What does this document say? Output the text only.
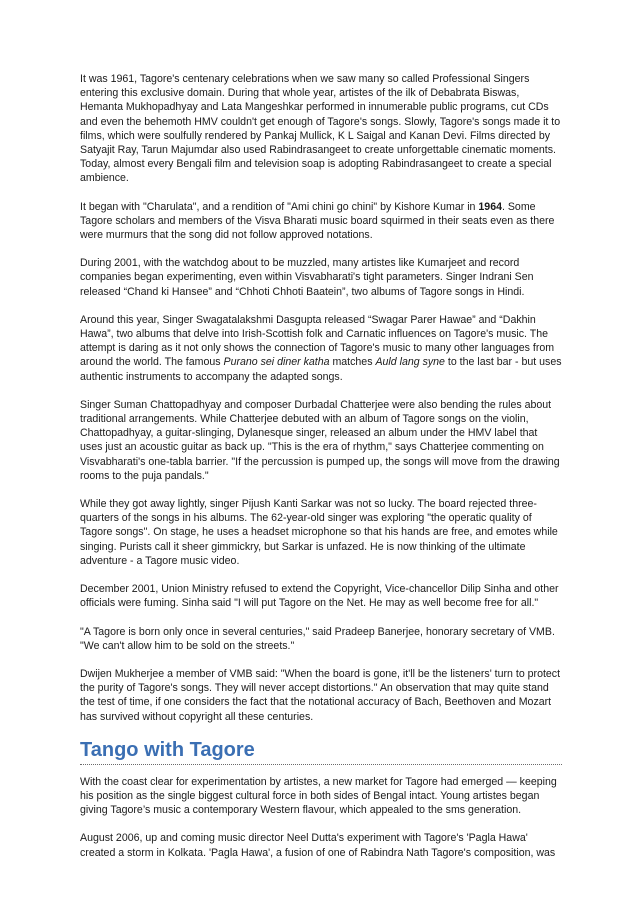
It was 1961, Tagore's centenary celebrations when we saw many so called Professional Singers entering this exclusive domain. During that whole year, artistes of the ilk of Debabrata Biswas, Hemanta Mukhopadhyay and Lata Mangeshkar performed in innumerable public programs, cut CDs and even the behemoth HMV couldn't get enough of Tagore's songs. Slowly, Tagore's songs made it to films, which were soulfully rendered by Pankaj Mullick, K L Saigal and Kanan Devi. Films directed by Satyajit Ray, Tarun Majumdar also used Rabindrasangeet to create unforgettable cinematic moments. Today, almost every Bengali film and television soap is adopting Rabindrasangeet to create a special ambience.

It began with "Charulata", and a rendition of "Ami chini go chini" by Kishore Kumar in 1964. Some Tagore scholars and members of the Visva Bharati music board squirmed in their seats even as there were murmurs that the song did not follow approved notations.

During 2001, with the watchdog about to be muzzled, many artistes like Kumarjeet and record companies began experimenting, even within Visvabharati's tight parameters. Singer Indrani Sen released “Chand ki Hansee” and “Chhoti Chhoti Baatein”, two albums of Tagore songs in Hindi.

Around this year, Singer Swagatalakshmi Dasgupta released “Swagar Parer Hawae” and “Dakhin Hawa”, two albums that delve into Irish-Scottish folk and Carnatic influences on Tagore's music. The attempt is daring as it not only shows the connection of Tagore's music to many other languages from around the world. The famous Purano sei diner katha matches Auld lang syne to the last bar - but uses authentic instruments to accompany the adapted songs.

Singer Suman Chattopadhyay and composer Durbadal Chatterjee were also bending the rules about traditional arrangements. While Chatterjee debuted with an album of Tagore songs on the violin, Chattopadhyay, a guitar-slinging, Dylanesque singer, released an album under the HMV label that uses just an acoustic guitar as back up. "This is the era of rhythm," says Chatterjee commenting on Visvabharati's one-tabla barrier. "If the percussion is pumped up, the songs will move from the drawing rooms to the puja pandals."

While they got away lightly, singer Pijush Kanti Sarkar was not so lucky. The board rejected three-quarters of the songs in his albums. The 62-year-old singer was exploring "the operatic quality of Tagore songs". On stage, he uses a headset microphone so that his hands are free, and emotes while singing. Purists call it sheer gimmickry, but Sarkar is unfazed. He is now thinking of the ultimate adventure - a Tagore music video.

December 2001, Union Ministry refused to extend the Copyright, Vice-chancellor Dilip Sinha and other officials were fuming. Sinha said "I will put Tagore on the Net. He may as well become free for all."

"A Tagore is born only once in several centuries," said Pradeep Banerjee, honorary secretary of VMB. "We can't allow him to be sold on the streets."

Dwijen Mukherjee a member of VMB said: "When the board is gone, it'll be the listeners' turn to protect the purity of Tagore's songs. They will never accept distortions." An observation that may quite stand the test of time, if one considers the fact that the notational accuracy of Bach, Beethoven and Mozart has survived without copyright all these centuries.

Tango with Tagore

With the coast clear for experimentation by artistes, a new market for Tagore had emerged — keeping his position as the single biggest cultural force in both sides of Bengal intact. Young artistes began giving Tagore’s music a contemporary Western flavour, which appealed to the sms generation.

August 2006, up and coming music director Neel Dutta's experiment with Tagore's 'Pagla Hawa' created a storm in Kolkata. 'Pagla Hawa', a fusion of one of Rabindra Nath Tagore's composition, was
